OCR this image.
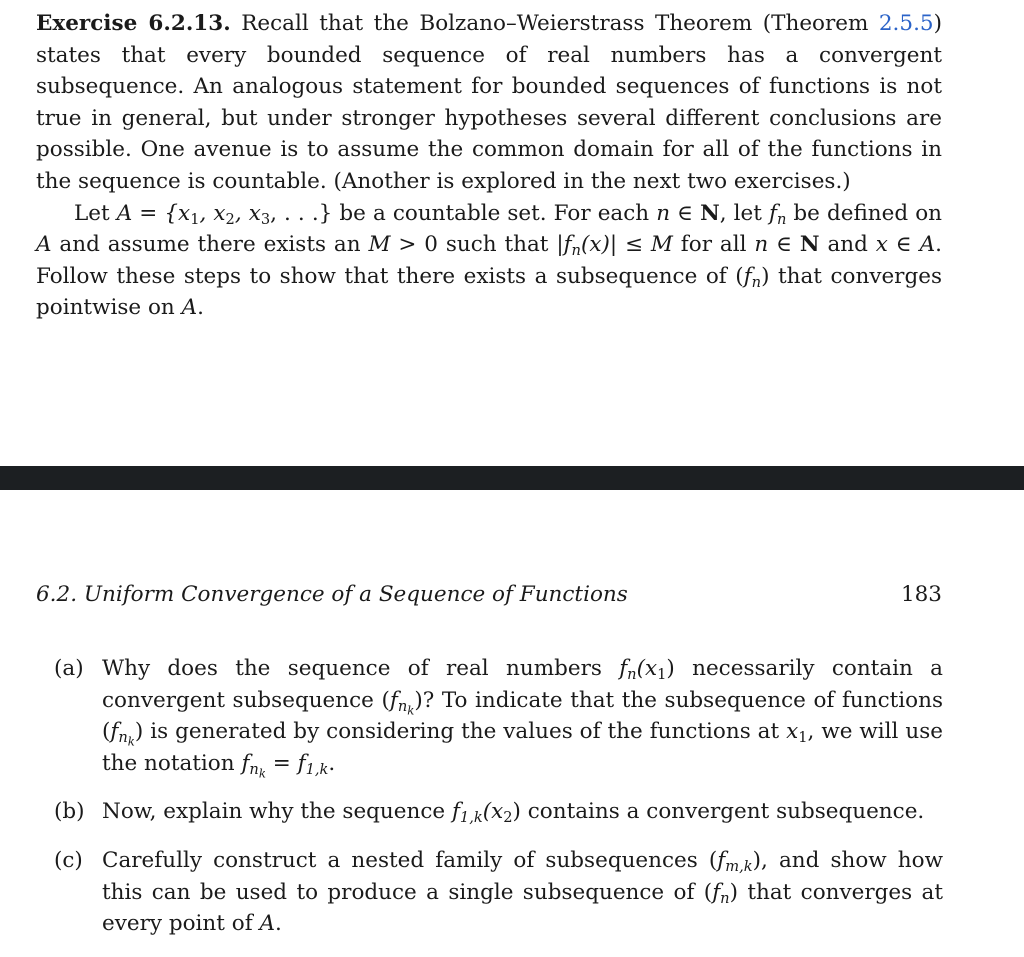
Exercise 6.2.13. Recall that the Bolzano–Weierstrass Theorem (Theorem 2.5.5) states that every bounded sequence of real numbers has a convergent subsequence. An analogous statement for bounded sequences of functions is not true in general, but under stronger hypotheses several different conclusions are possible. One avenue is to assume the common domain for all of the functions in the sequence is countable. (Another is explored in the next two exercises.)

Let $A = \{x_1$, $x_2$, $x_3$, . . .} be a countable set. For each n ∈ N, let $f_n$ be defined on A and assume there exists an M > 0 such that $|f_n(x)| \le M$ for all n ∈ N and x ∈ A. Follow these steps to show that there exists a subsequence of $(f_n)$ that converges pointwise on A.

6.2. Uniform Convergence of a Sequence of Functions	183
(a) Why does the sequence of real numbers $f_n(x_1)$ necessarily contain a convergent subsequence $(f_{n_k})$? To indicate that the subsequence of functions $(f_{n_k})$ is generated by considering the values of the functions at $x_1$, we will use the notation $f_{n_k} = f_{1,k}$.
(b) Now, explain why the sequence $f_{1,k}(x_2)$ contains a convergent subsequence.
(c) Carefully construct a nested family of subsequences $(f_{m,k})$, and show how this can be used to produce a single subsequence of $(f_n)$ that converges at every point of A.
